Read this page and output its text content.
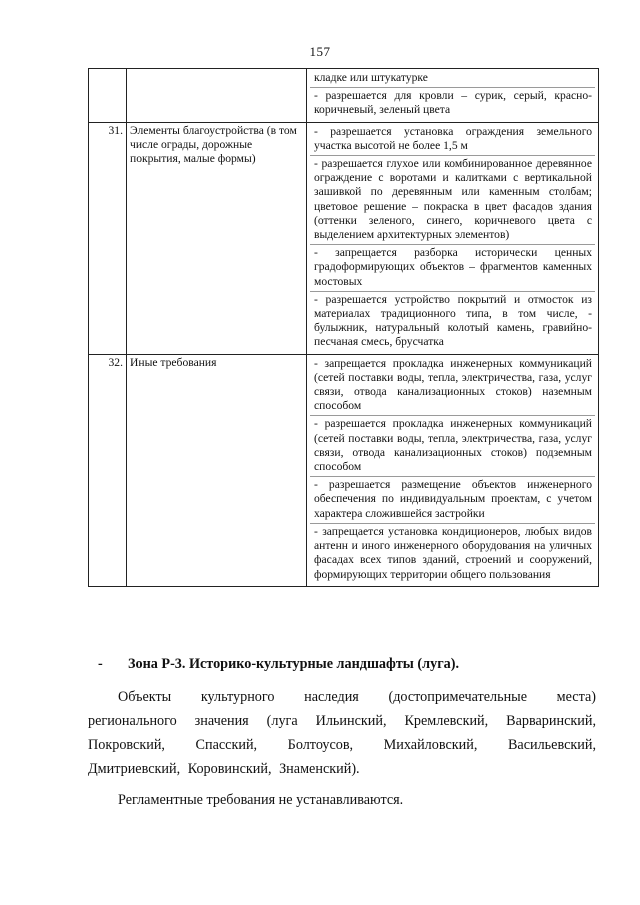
157

		кладке или штукатурке
- разрешается для кровли – сурик, серый, красно- коричневый, зеленый цвета

31.	Элементы благоустройства (в том числе ограды, дорожные покрытия, малые формы)	- разрешается установка ограждения земельного участка высотой не более 1,5 м
- разрешается глухое или комбинированное деревянное ограждение с воротами и калитками с вертикальной зашивкой по деревянным или каменным столбам; цветовое решение – покраска в цвет фасадов здания (оттенки зеленого, синего, коричневого цвета с выделением архитектурных элементов)
- запрещается разборка исторически ценных градоформирующих объектов – фрагментов каменных мостовых
- разрешается устройство покрытий и отмосток из материалах традиционного типа, в том числе, - булыжник, натуральный колотый камень, гравийно-песчаная смесь, брусчатка

32.	Иные требования	- запрещается прокладка инженерных коммуникаций (сетей поставки воды, тепла, электричества, газа, услуг связи, отвода канализационных стоков) наземным способом
- разрешается прокладка инженерных коммуникаций (сетей поставки воды, тепла, электричества, газа, услуг связи, отвода канализационных стоков) подземным способом
- разрешается размещение объектов инженерного обеспечения по индивидуальным проектам, с учетом характера сложившейся застройки
- запрещается установка кондиционеров, любых видов антенн и иного инженерного оборудования на уличных фасадах всех типов зданий, строений и сооружений, формирующих территории общего пользования

- Зона Р-3. Историко-культурные ландшафты (луга).

Объекты культурного наследия (достопримечательные места) регионального значения (луга Ильинский, Кремлевский, Варваринский, Покровский, Спасский, Болтоусов, Михайловский, Васильевский, Дмитриевский, Коровинский, Знаменский).

Регламентные требования не устанавливаются.
